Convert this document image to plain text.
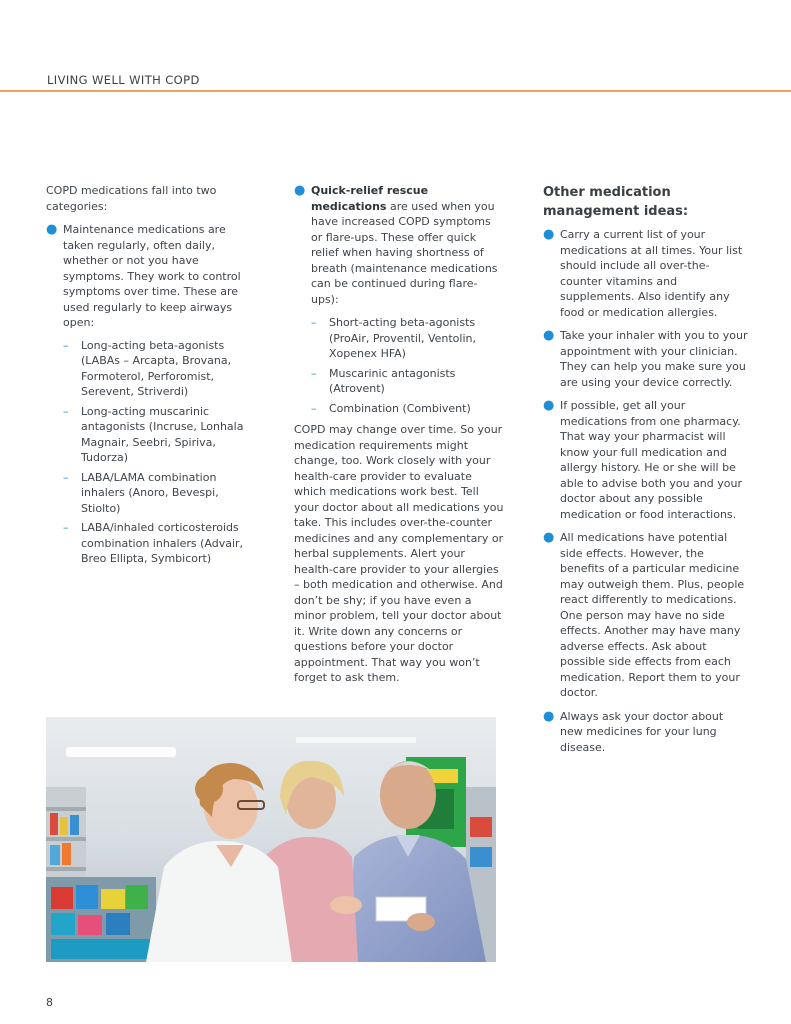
LIVING WELL WITH COPD

COPD medications fall into two categories:

● Maintenance medications are taken regularly, often daily, whether or not you have symptoms. They work to control symptoms over time. These are used regularly to keep airways open:
– Long-acting beta-agonists (LABAs – Arcapta, Brovana, Formoterol, Perforomist, Serevent, Striverdi)
– Long-acting muscarinic antagonists (Incruse, Lonhala Magnair, Seebri, Spiriva, Tudorza)
– LABA/LAMA combination inhalers (Anoro, Bevespi, Stiolto)
– LABA/inhaled corticosteroids combination inhalers (Advair, Breo Ellipta, Symbicort)
● Quick-relief rescue medications are used when you have increased COPD symptoms or flare-ups. These offer quick relief when having shortness of breath (maintenance medications can be continued during flare-ups):
– Short-acting beta-agonists (ProAir, Proventil, Ventolin, Xopenex HFA)
– Muscarinic antagonists (Atrovent)
– Combination (Combivent)

COPD may change over time. So your medication requirements might change, too. Work closely with your health-care provider to evaluate which medications work best. Tell your doctor about all medications you take. This includes over-the-counter medicines and any complementary or herbal supplements. Alert your health-care provider to your allergies – both medication and otherwise. And don’t be shy; if you have even a minor problem, tell your doctor about it. Write down any concerns or questions before your doctor appointment. That way you won’t forget to ask them.

Other medication management ideas:
● Carry a current list of your medications at all times. Your list should include all over-the-counter vitamins and supplements. Also identify any food or medication allergies.
● Take your inhaler with you to your appointment with your clinician. They can help you make sure you are using your device correctly.
● If possible, get all your medications from one pharmacy. That way your pharmacist will know your full medication and allergy history. He or she will be able to advise both you and your doctor about any possible medication or food interactions.
● All medications have potential side effects. However, the benefits of a particular medicine may outweigh them. Plus, people react differently to medications. One person may have no side effects. Another may have many adverse effects. Ask about possible side effects from each medication. Report them to your doctor.
● Always ask your doctor about new medicines for your lung disease.
8
